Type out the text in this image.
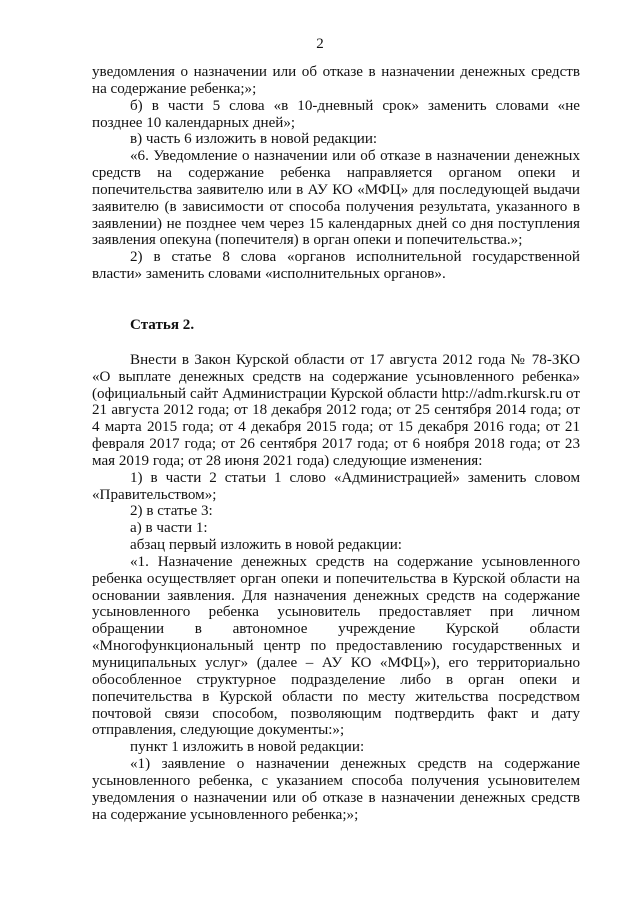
2

уведомления о назначении или об отказе в назначении денежных средств на содержание ребенка;»;

б) в части 5 слова «в 10-дневный срок» заменить словами «не позднее 10 календарных дней»;

в) часть 6 изложить в новой редакции:

«6. Уведомление о назначении или об отказе в назначении денежных средств на содержание ребенка направляется органом опеки и попечительства заявителю или в АУ КО «МФЦ» для последующей выдачи заявителю (в зависимости от способа получения результата, указанного в заявлении) не позднее чем через 15 календарных дней со дня поступления заявления опекуна (попечителя) в орган опеки и попечительства.»;

2) в статье 8 слова «органов исполнительной государственной власти» заменить словами «исполнительных органов».

Статья 2.

Внести в Закон Курской области от 17 августа 2012 года № 78-ЗКО «О выплате денежных средств на содержание усыновленного ребенка» (официальный сайт Администрации Курской области http://adm.rkursk.ru от 21 августа 2012 года; от 18 декабря 2012 года; от 25 сентября 2014 года; от 4 марта 2015 года; от 4 декабря 2015 года; от 15 декабря 2016 года; от 21 февраля 2017 года; от 26 сентября 2017 года; от 6 ноября 2018 года; от 23 мая 2019 года; от 28 июня 2021 года) следующие изменения:

1) в части 2 статьи 1 слово «Администрацией» заменить словом «Правительством»;

2) в статье 3:

а) в части 1:

абзац первый изложить в новой редакции:

«1. Назначение денежных средств на содержание усыновленного ребенка осуществляет орган опеки и попечительства в Курской области на основании заявления. Для назначения денежных средств на содержание усыновленного ребенка усыновитель предоставляет при личном обращении в автономное учреждение Курской области «Многофункциональный центр по предоставлению государственных и муниципальных услуг» (далее – АУ КО «МФЦ»), его территориально обособленное структурное подразделение либо в орган опеки и попечительства в Курской области по месту жительства посредством почтовой связи способом, позволяющим подтвердить факт и дату отправления, следующие документы:»;

пункт 1 изложить в новой редакции:

«1) заявление о назначении денежных средств на содержание усыновленного ребенка, с указанием способа получения усыновителем уведомления о назначении или об отказе в назначении денежных средств на содержание усыновленного ребенка;»;
